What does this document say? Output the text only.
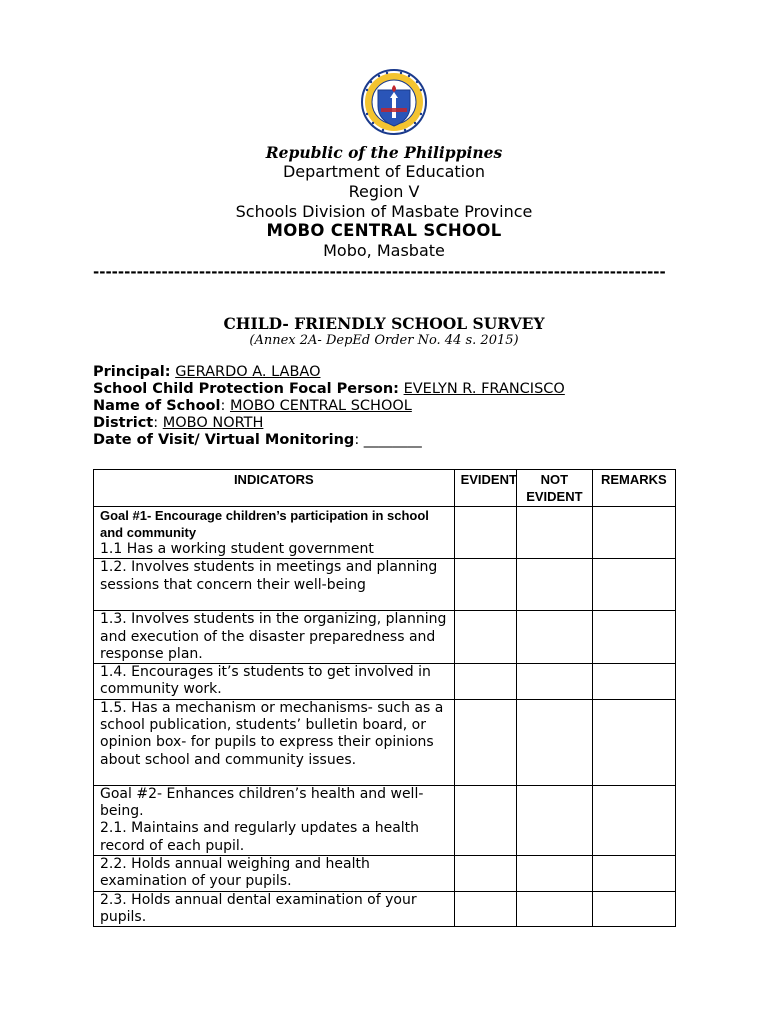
Republic of the Philippines
Department of Education
Region V
Schools Division of Masbate Province
MOBO CENTRAL SCHOOL
Mobo, Masbate
--------------------------------------------------------------------------------------------
CHILD- FRIENDLY SCHOOL SURVEY
(Annex 2A- DepEd Order No. 44 s. 2015)
Principal: GERARDO A. LABAO
School Child Protection Focal Person: EVELYN R. FRANCISCO
Name of School: MOBO CENTRAL SCHOOL
District: MOBO NORTH
Date of Visit/ Virtual Monitoring: ________
INDICATORS	EVIDENT	NOT EVIDENT	REMARKS

Goal #1- Encourage children’s participation in school and community
1.1 Has a working student government			
1.2. Involves students in meetings and planning sessions that concern their well-being			
1.3. Involves students in the organizing, planning and execution of the disaster preparedness and response plan.			
1.4. Encourages it’s students to get involved in community work.			
1.5. Has a mechanism or mechanisms- such as a school publication, students’ bulletin board, or opinion box- for pupils to express their opinions about school and community issues.			
Goal #2- Enhances children’s health and well- being.
2.1. Maintains and regularly updates a health record of each pupil.			
2.2. Holds annual weighing and health examination of your pupils.			
2.3. Holds annual dental examination of your pupils.			
